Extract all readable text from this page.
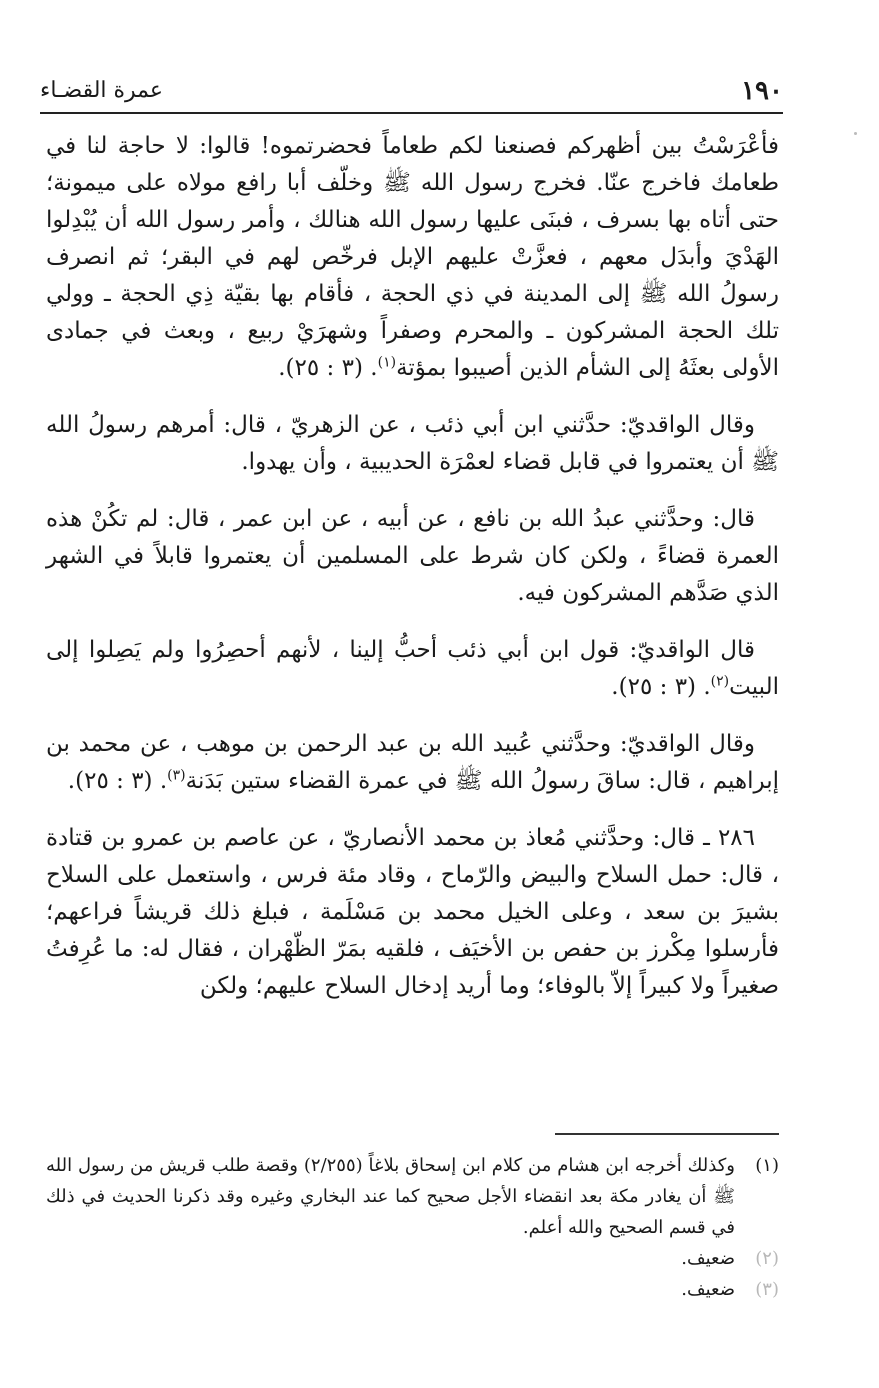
١٩٠
عمرة القضـاء

فأعْرَسْتُ بين أظهركم فصنعنا لكم طعاماً فحضرتموه! قالوا: لا حاجة لنا في طعامك فاخرج عنّا. فخرج رسول الله ﷺ وخلّف أبا رافع مولاه على ميمونة؛ حتى أتاه بها بسرف ، فبنَى عليها رسول الله هنالك ، وأمر رسول الله أن يُبْدِلوا الهَدْيَ وأبدَل معهم ، فعزَّتْ عليهم الإبل فرخّص لهم في البقر؛ ثم انصرف رسولُ الله ﷺ إلى المدينة في ذي الحجة ، فأقام بها بقيّة ذِي الحجة ـ وولي تلك الحجة المشركون ـ والمحرم وصفراً وشهرَيْ ربيع ، وبعث في جمادى الأولى بعثَهُ إلى الشأم الذين أصيبوا بمؤتة$^{(١)}$. (٣ : ٢٥).

وقال الواقديّ: حدَّثني ابن أبي ذئب ، عن الزهريّ ، قال: أمرهم رسولُ الله ﷺ أن يعتمروا في قابل قضاء لعمْرَة الحديبية ، وأن يهدوا.

قال: وحدَّثني عبدُ الله بن نافع ، عن أبيه ، عن ابن عمر ، قال: لم تكُنْ هذه العمرة قضاءً ، ولكن كان شرط على المسلمين أن يعتمروا قابلاً في الشهر الذي صَدَّهم المشركون فيه.

قال الواقديّ: قول ابن أبي ذئب أحبُّ إلينا ، لأنهم أحصِرُوا ولم يَصِلوا إلى البيت$^{(٢)}$. (٣ : ٢٥).

وقال الواقديّ: وحدَّثني عُبيد الله بن عبد الرحمن بن موهب ، عن محمد بن إبراهيم ، قال: ساقَ رسولُ الله ﷺ في عمرة القضاء ستين بَدَنة$^{(٣)}$. (٣ : ٢٥).

٢٨٦ ـ قال: وحدَّثني مُعاذ بن محمد الأنصاريّ ، عن عاصم بن عمرو بن قتادة ، قال: حمل السلاح والبيض والرّماح ، وقاد مئة فرس ، واستعمل على السلاح بشيرَ بن سعد ، وعلى الخيل محمد بن مَسْلَمة ، فبلغ ذلك قريشاً فراعهم؛ فأرسلوا مِكْرز بن حفص بن الأخيَف ، فلقيه بمَرّ الظّهْران ، فقال له: ما عُرِفتُ صغيراً ولا كبيراً إلاّ بالوفاء؛ وما أريد إدخال السلاح عليهم؛ ولكن

(١)
وكذلك أخرجه ابن هشام من كلام ابن إسحاق بلاغاً (٢/٢٥٥) وقصة طلب قريش من رسول الله ﷺ أن يغادر مكة بعد انقضاء الأجل صحيح كما عند البخاري وغيره وقد ذكرنا الحديث في ذلك في قسم الصحيح والله أعلم.
(٢)
ضعيف.
(٣)
ضعيف.
